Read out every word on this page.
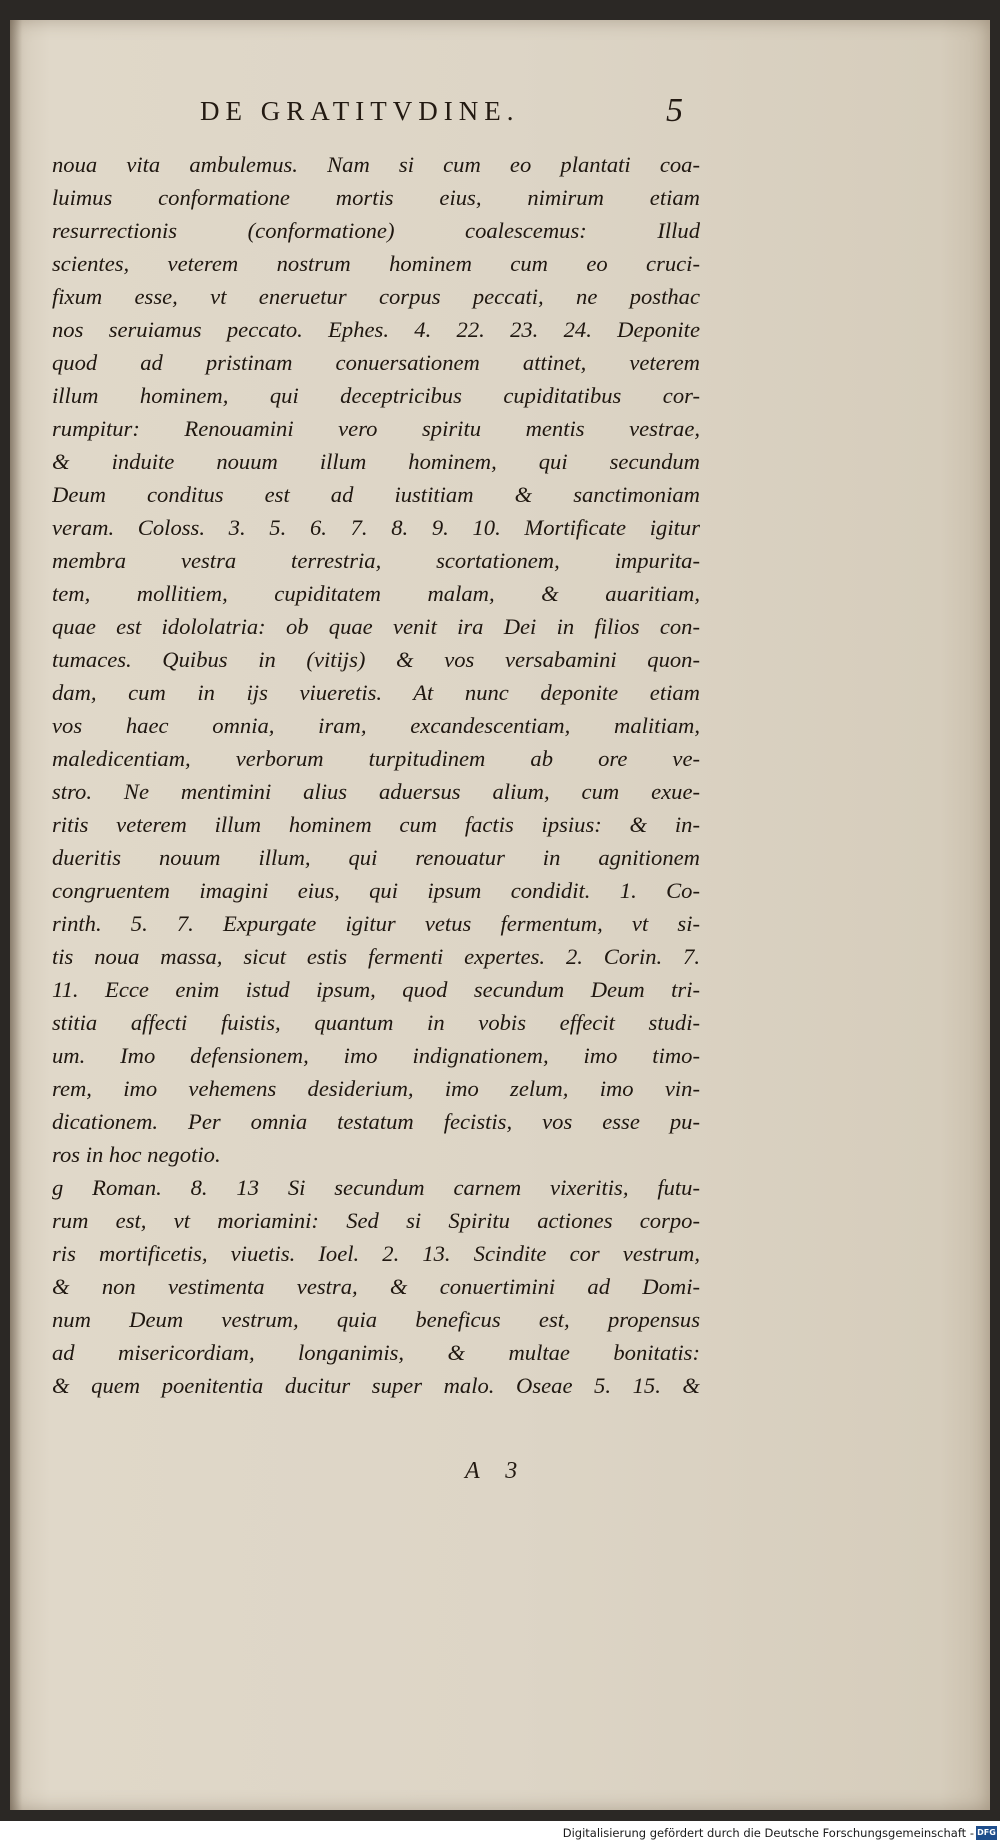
DE GRATITVDINE.	5
noua vita ambulemus. Nam si cum eo plantati coa-
luimus conformatione mortis eius, nimirum etiam
resurrectionis (conformatione) coalescemus: Illud
scientes, veterem nostrum hominem cum eo cruci-
fixum esse, vt eneruetur corpus peccati, ne posthac
nos seruiamus peccato. Ephes. 4. 22. 23. 24. Deponite
quod ad pristinam conuersationem attinet, veterem
illum hominem, qui deceptricibus cupiditatibus cor-
rumpitur: Renouamini vero spiritu mentis vestrae,
& induite nouum illum hominem, qui secundum
Deum conditus est ad iustitiam & sanctimoniam
veram. Coloss. 3. 5. 6. 7. 8. 9. 10. Mortificate igitur
membra vestra terrestria, scortationem, impurita-
tem, mollitiem, cupiditatem malam, & auaritiam,
quae est idololatria: ob quae venit ira Dei in filios con-
tumaces. Quibus in (vitijs) & vos versabamini quon-
dam, cum in ijs viueretis. At nunc deponite etiam
vos haec omnia, iram, excandescentiam, malitiam,
maledicentiam, verborum turpitudinem ab ore ve-
stro. Ne mentimini alius aduersus alium, cum exue-
ritis veterem illum hominem cum factis ipsius: & in-
dueritis nouum illum, qui renouatur in agnitionem
congruentem imagini eius, qui ipsum condidit. 1. Co-
rinth. 5. 7. Expurgate igitur vetus fermentum, vt si-
tis noua massa, sicut estis fermenti expertes. 2. Corin. 7.
11. Ecce enim istud ipsum, quod secundum Deum tri-
stitia affecti fuistis, quantum in vobis effecit studi-
um. Imo defensionem, imo indignationem, imo timo-
rem, imo vehemens desiderium, imo zelum, imo vin-
dicationem. Per omnia testatum fecistis, vos esse pu-
ros in hoc negotio.
g Roman. 8. 13 Si secundum carnem vixeritis, futu-
rum est, vt moriamini: Sed si Spiritu actiones corpo-
ris mortificetis, viuetis. Ioel. 2. 13. Scindite cor vestrum,
& non vestimenta vestra, & conuertimini ad Domi-
num Deum vestrum, quia beneficus est, propensus
ad misericordiam, longanimis, & multae bonitatis:
& quem poenitentia ducitur super malo. Oseae 5. 15. &
A 3
Digitalisierung gefördert durch die Deutsche Forschungsgemeinschaft - DFG
